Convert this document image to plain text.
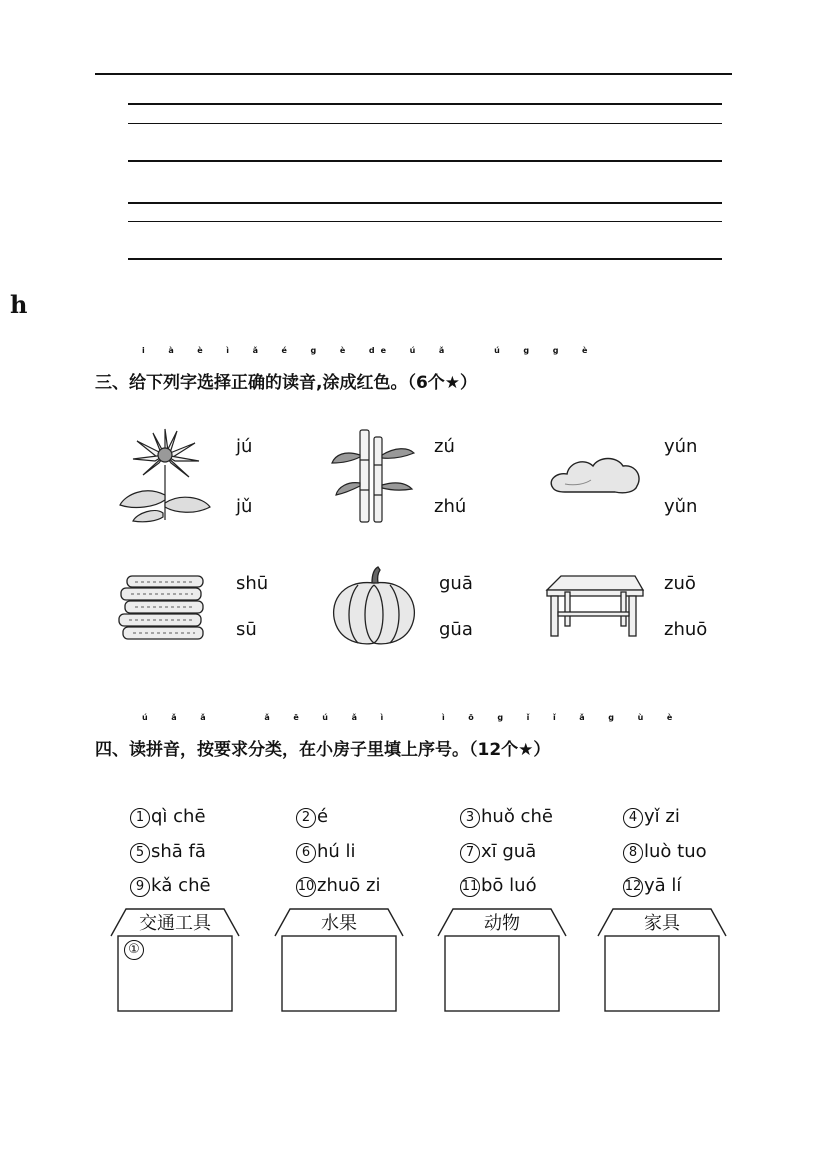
h
i  à  è  ì  ǎ  é  g  è  de  ú  ǎ     ú  g  g  è
三、给下列字选择正确的读音,涂成红色。（6个★）
jú
jǔ
zú
zhú
yún
yǔn
shū
sū
guā
gūa
zuō
zhuō
ú  ǎ  ǎ      ǎ  ē  ú  ǎ  ì      ì  ō  g  ǐ  ǐ  ǎ  g  ù  è
四、读拼音，按要求分类，在小房子里填上序号。（12个★）
1 qì chē	2 é	3 huǒ chē	4 yǐ zi
5 shā fā	6 hú li	7 xī guā	8 luò tuo
9 kǎ chē	10 zhuō zi	11 bō luó	12 yā lí
交通工具
①
水果	动物	家具
